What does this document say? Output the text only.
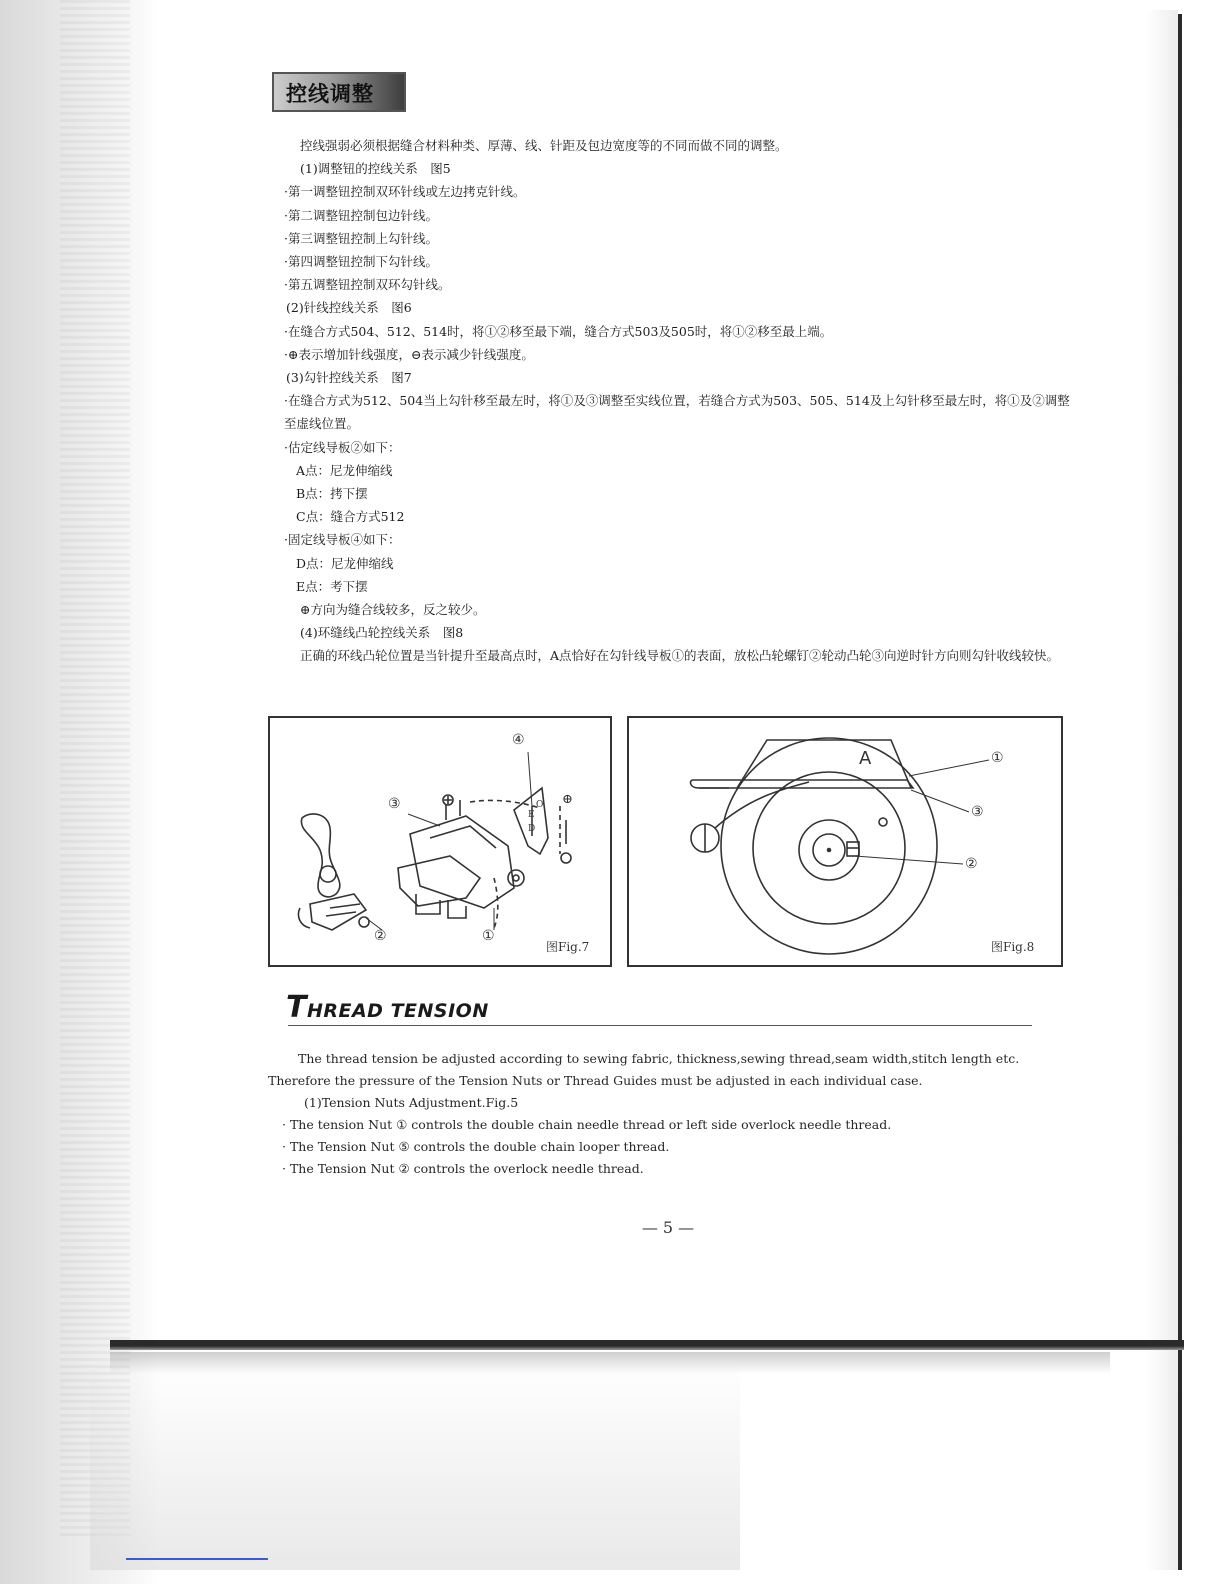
控线调整
控线强弱必须根据缝合材料种类、厚薄、线、针距及包边宽度等的不同而做不同的调整。
(1)调整钮的控线关系　图5
·第一调整钮控制双环针线或左边拷克针线。
·第二调整钮控制包边针线。
·第三调整钮控制上勾针线。
·第四调整钮控制下勾针线。
·第五调整钮控制双环勾针线。
(2)针线控线关系　图6
·在缝合方式504、512、514时，将①②移至最下端，缝合方式503及505时，将①②移至最上端。
·⊕表示增加针线强度，⊖表示减少针线强度。
(3)勾针控线关系　图7
·在缝合方式为512、504当上勾针移至最左时，将①及③调整至实线位置，若缝合方式为503、505、514及上勾针移至最左时，将①及②调整至虚线位置。
·估定线导板②如下：
A点：尼龙伸缩线
B点：拷下摆
C点：缝合方式512
·固定线导板④如下：
D点：尼龙伸缩线
E点：考下摆
⊕方向为缝合线较多，反之较少。
(4)环缝线凸轮控线关系　图8
正确的环线凸轮位置是当针提升至最高点时，A点恰好在勾针线导板①的表面，放松凸轮螺钉②轮动凸轮③向逆时针方向则勾针收线较快。
④
③
②	①
⊕
O
E
D
图Fig.7
A	①
③
②
图Fig.8
THREAD TENSION
The thread tension be adjusted according to sewing fabric, thickness,sewing thread,seam width,stitch length etc.
Therefore the pressure of the Tension Nuts or Thread Guides must be adjusted in each individual case.
(1)Tension Nuts Adjustment.Fig.5
· The tension Nut ① controls the double chain needle thread or left side overlock needle thread.
· The Tension Nut ⑤ controls the double chain looper thread.
· The Tension Nut ② controls the overlock needle thread.
— 5 —
